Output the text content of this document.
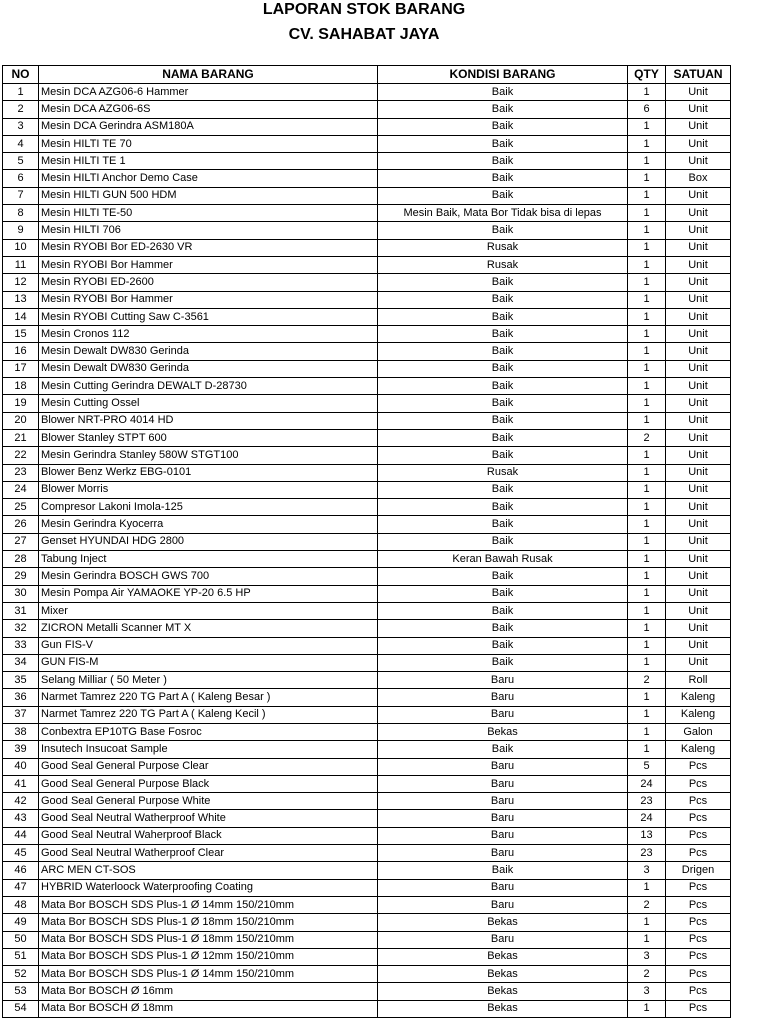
LAPORAN STOK BARANG
CV. SAHABAT JAYA
NO	NAMA BARANG	KONDISI BARANG	QTY	SATUAN
1	Mesin DCA AZG06-6 Hammer	Baik	1	Unit
2	Mesin DCA AZG06-6S	Baik	6	Unit
3	Mesin DCA Gerindra ASM180A	Baik	1	Unit
4	Mesin HILTI TE 70	Baik	1	Unit
5	Mesin HILTI TE 1	Baik	1	Unit
6	Mesin HILTI Anchor Demo Case	Baik	1	Box
7	Mesin HILTI GUN 500 HDM	Baik	1	Unit
8	Mesin HILTI TE-50	Mesin Baik, Mata Bor Tidak bisa di lepas	1	Unit
9	Mesin HILTI 706	Baik	1	Unit
10	Mesin RYOBI Bor ED-2630 VR	Rusak	1	Unit
11	Mesin RYOBI Bor Hammer	Rusak	1	Unit
12	Mesin RYOBI ED-2600	Baik	1	Unit
13	Mesin RYOBI Bor Hammer	Baik	1	Unit
14	Mesin RYOBI Cutting Saw C-3561	Baik	1	Unit
15	Mesin Cronos 112	Baik	1	Unit
16	Mesin Dewalt DW830 Gerinda	Baik	1	Unit
17	Mesin Dewalt DW830 Gerinda	Baik	1	Unit
18	Mesin Cutting Gerindra DEWALT D-28730	Baik	1	Unit
19	Mesin Cutting Ossel	Baik	1	Unit
20	Blower NRT-PRO 4014 HD	Baik	1	Unit
21	Blower Stanley STPT 600	Baik	2	Unit
22	Mesin Gerindra Stanley 580W STGT100	Baik	1	Unit
23	Blower Benz Werkz EBG-0101	Rusak	1	Unit
24	Blower Morris	Baik	1	Unit
25	Compresor Lakoni Imola-125	Baik	1	Unit
26	Mesin Gerindra Kyocerra	Baik	1	Unit
27	Genset HYUNDAI HDG 2800	Baik	1	Unit
28	Tabung Inject	Keran Bawah Rusak	1	Unit
29	Mesin Gerindra BOSCH GWS 700	Baik	1	Unit
30	Mesin Pompa Air YAMAOKE YP-20 6.5 HP	Baik	1	Unit
31	Mixer	Baik	1	Unit
32	ZICRON Metalli Scanner MT X	Baik	1	Unit
33	Gun FIS-V	Baik	1	Unit
34	GUN FIS-M	Baik	1	Unit
35	Selang Milliar ( 50 Meter )	Baru	2	Roll
36	Narmet Tamrez 220 TG Part A ( Kaleng Besar )	Baru	1	Kaleng
37	Narmet Tamrez 220 TG Part A ( Kaleng Kecil )	Baru	1	Kaleng
38	Conbextra EP10TG Base Fosroc	Bekas	1	Galon
39	Insutech Insucoat Sample	Baik	1	Kaleng
40	Good Seal General Purpose Clear	Baru	5	Pcs
41	Good Seal General Purpose Black	Baru	24	Pcs
42	Good Seal General Purpose White	Baru	23	Pcs
43	Good Seal Neutral Watherproof White	Baru	24	Pcs
44	Good Seal Neutral Waherproof Black	Baru	13	Pcs
45	Good Seal Neutral Watherproof Clear	Baru	23	Pcs
46	ARC MEN CT-SOS	Baik	3	Drigen
47	HYBRID Waterloock Waterproofing Coating	Baru	1	Pcs
48	Mata Bor BOSCH SDS Plus-1 Ø 14mm 150/210mm	Baru	2	Pcs
49	Mata Bor BOSCH SDS Plus-1 Ø 18mm 150/210mm	Bekas	1	Pcs
50	Mata Bor BOSCH SDS Plus-1 Ø 18mm 150/210mm	Baru	1	Pcs
51	Mata Bor BOSCH SDS Plus-1 Ø 12mm 150/210mm	Bekas	3	Pcs
52	Mata Bor BOSCH SDS Plus-1 Ø 14mm 150/210mm	Bekas	2	Pcs
53	Mata Bor BOSCH Ø 16mm	Bekas	3	Pcs
54	Mata Bor BOSCH Ø 18mm	Bekas	1	Pcs
